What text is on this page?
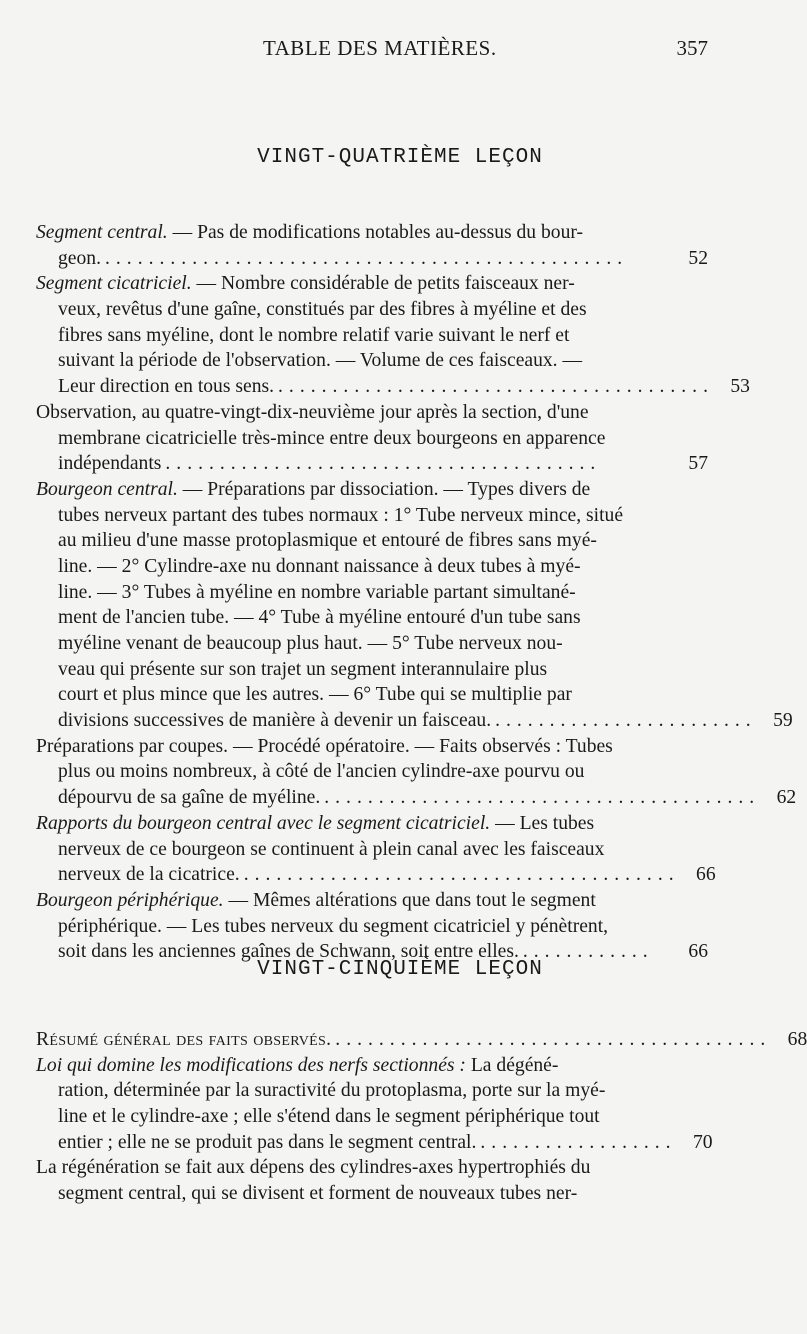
TABLE DES MATIÈRES.	357
VINGT-QUATRIÈME LEÇON
Segment central. — Pas de modifications notables au-dessus du bour-
geon. ................................................	52
Segment cicatriciel. — Nombre considérable de petits faisceaux ner-
veux, revêtus d'une gaîne, constitués par des fibres à myéline et des
fibres sans myéline, dont le nombre relatif varie suivant le nerf et
suivant la période de l'observation. — Volume de ces faisceaux. —
Leur direction en tous sens. ........................................ 53
Observation, au quatre-vingt-dix-neuvième jour après la section, d'une
membrane cicatricielle très-mince entre deux bourgeons en apparence
indépendants ........................................	57
Bourgeon central. — Préparations par dissociation. — Types divers de
tubes nerveux partant des tubes normaux : 1° Tube nerveux mince, situé
au milieu d'une masse protoplasmique et entouré de fibres sans myé-
line. — 2° Cylindre-axe nu donnant naissance à deux tubes à myé-
line. — 3° Tubes à myéline en nombre variable partant simultané-
ment de l'ancien tube. — 4° Tube à myéline entouré d'un tube sans
myéline venant de beaucoup plus haut. — 5° Tube nerveux nou-
veau qui présente sur son trajet un segment interannulaire plus
court et plus mince que les autres. — 6° Tube qui se multiplie par
divisions successives de manière à devenir un faisceau. ........................ 59
Préparations par coupes. — Procédé opératoire. — Faits observés : Tubes
plus ou moins nombreux, à côté de l'ancien cylindre-axe pourvu ou
dépourvu de sa gaîne de myéline. ........................................ 62
Rapports du bourgeon central avec le segment cicatriciel. — Les tubes
nerveux de ce bourgeon se continuent à plein canal avec les faisceaux
nerveux de la cicatrice. ........................................ 66
Bourgeon périphérique. — Mêmes altérations que dans tout le segment
périphérique. — Les tubes nerveux du segment cicatriciel y pénètrent,
soit dans les anciennes gaînes de Schwann, soit entre elles. ............	66
VINGT-CINQUIÈME LEÇON
Résumé général des faits observés. ........................................ 68
Loi qui domine les modifications des nerfs sectionnés : La dégéné-
ration, déterminée par la suractivité du protoplasma, porte sur la myé-
line et le cylindre-axe ; elle s'étend dans le segment périphérique tout
entier ; elle ne se produit pas dans le segment central. .................. 70
La régénération se fait aux dépens des cylindres-axes hypertrophiés du
segment central, qui se divisent et forment de nouveaux tubes ner-
